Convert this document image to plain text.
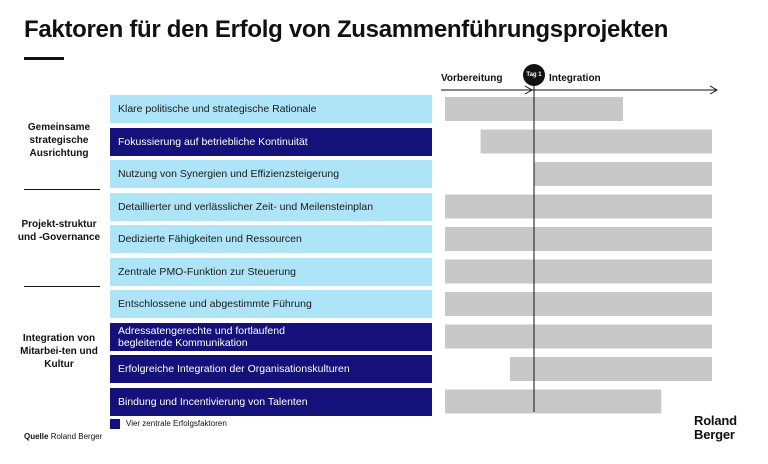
Faktoren für den Erfolg von Zusammenführungsprojekten
Gemeinsame strategische Ausrichtung
Projekt-struktur und -Governance
Integration von Mitarbei-ten und Kultur
Klare politische und strategische Rationale
Fokussierung auf betriebliche Kontinuität
Nutzung von Synergien und Effizienzsteigerung
Detaillierter und verlässlicher Zeit- und Meilensteinplan
Dedizierte Fähigkeiten und Ressourcen
Zentrale PMO-Funktion zur Steuerung
Entschlossene und abgestimmte Führung
Adressatengerechte und fortlaufend
begleitende Kommunikation
Erfolgreiche Integration der Organisationskulturen
Bindung und Incentivierung von Talenten
Vorbereitung	Integration
Tag 1
Vier zentrale Erfolgsfaktoren
Quelle Roland Berger
Roland
Berger
